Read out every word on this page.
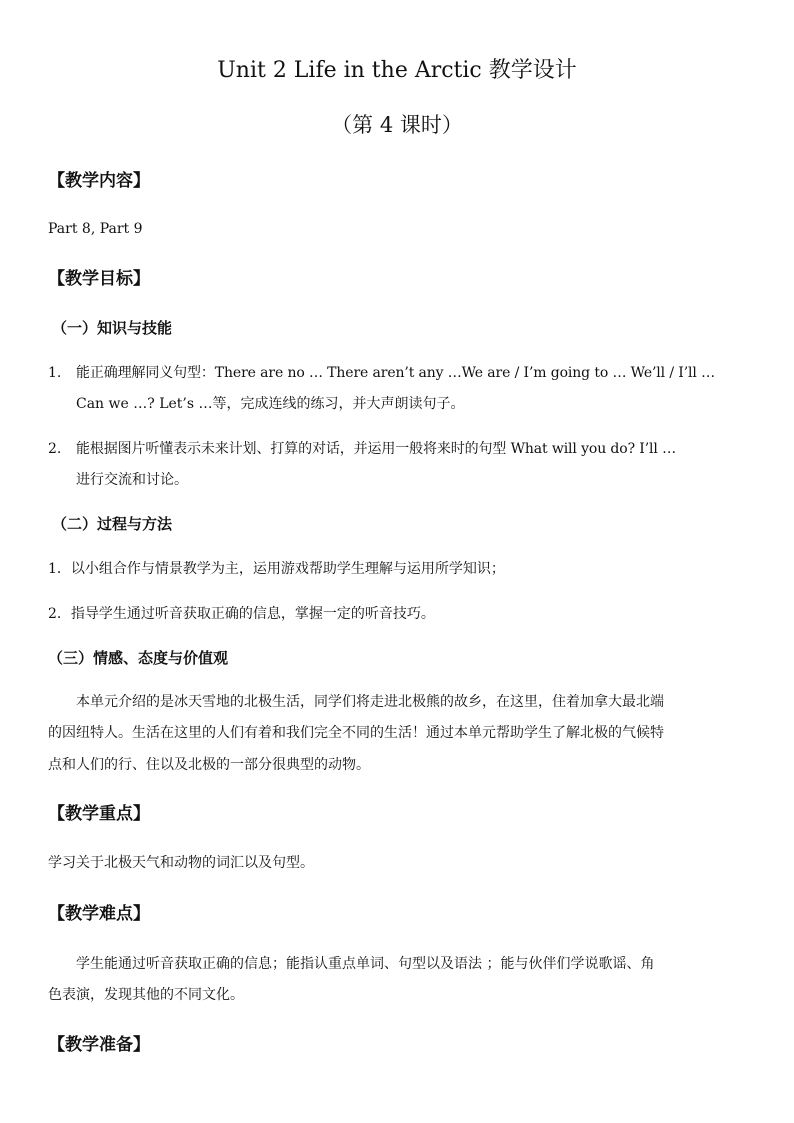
Unit 2 Life in the Arctic 教学设计
（第 4 课时）
【教学内容】
Part 8, Part 9
【教学目标】
（一）知识与技能
1. 能正确理解同义句型：There are no … There aren’t any …We are / I’m going to … We’ll / I’ll …
Can we …? Let’s …等，完成连线的练习，并大声朗读句子。
2. 能根据图片听懂表示未来计划、打算的对话，并运用一般将来时的句型 What will you do? I’ll …
进行交流和讨论。
（二）过程与方法
1．以小组合作与情景教学为主，运用游戏帮助学生理解与运用所学知识；
2．指导学生通过听音获取正确的信息，掌握一定的听音技巧。
（三）情感、态度与价值观
本单元介绍的是冰天雪地的北极生活，同学们将走进北极熊的故乡，在这里，住着加拿大最北端
的因纽特人。生活在这里的人们有着和我们完全不同的生活！通过本单元帮助学生了解北极的气候特
点和人们的行、住以及北极的一部分很典型的动物。
【教学重点】
学习关于北极天气和动物的词汇以及句型。
【教学难点】
学生能通过听音获取正确的信息；能指认重点单词、句型以及语法 ；能与伙伴们学说歌谣、角
色表演，发现其他的不同文化。
【教学准备】
